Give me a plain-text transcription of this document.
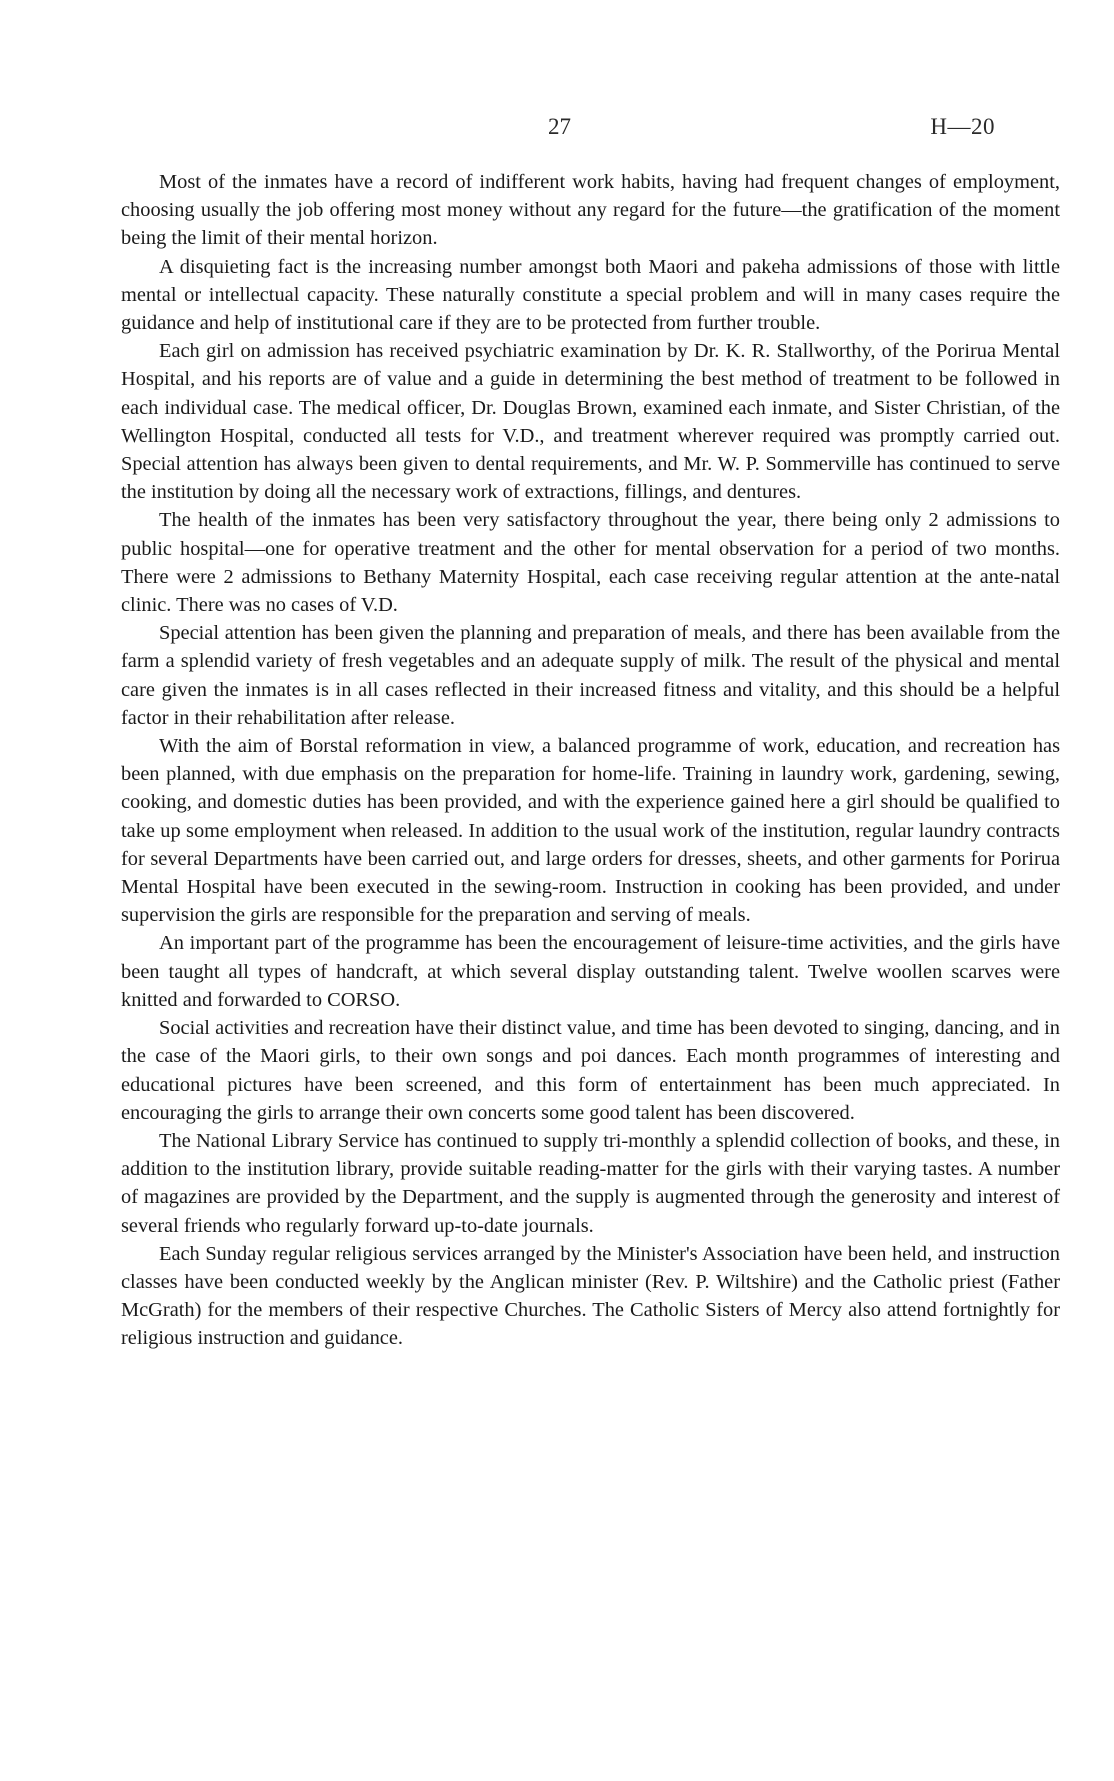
27	H—20

Most of the inmates have a record of indifferent work habits, having had frequent changes of employment, choosing usually the job offering most money without any regard for the future—the gratification of the moment being the limit of their mental horizon.

A disquieting fact is the increasing number amongst both Maori and pakeha admissions of those with little mental or intellectual capacity. These naturally constitute a special problem and will in many cases require the guidance and help of institutional care if they are to be protected from further trouble.

Each girl on admission has received psychiatric examination by Dr. K. R. Stallworthy, of the Porirua Mental Hospital, and his reports are of value and a guide in determining the best method of treatment to be followed in each individual case. The medical officer, Dr. Douglas Brown, examined each inmate, and Sister Christian, of the Wellington Hospital, conducted all tests for V.D., and treatment wherever required was promptly carried out. Special attention has always been given to dental requirements, and Mr. W. P. Sommerville has continued to serve the institution by doing all the necessary work of extractions, fillings, and dentures.

The health of the inmates has been very satisfactory throughout the year, there being only 2 admissions to public hospital—one for operative treatment and the other for mental observation for a period of two months. There were 2 admissions to Bethany Maternity Hospital, each case receiving regular attention at the ante-natal clinic. There was no cases of V.D.

Special attention has been given the planning and preparation of meals, and there has been available from the farm a splendid variety of fresh vegetables and an adequate supply of milk. The result of the physical and mental care given the inmates is in all cases reflected in their increased fitness and vitality, and this should be a helpful factor in their rehabilitation after release.

With the aim of Borstal reformation in view, a balanced programme of work, education, and recreation has been planned, with due emphasis on the preparation for home-life. Training in laundry work, gardening, sewing, cooking, and domestic duties has been provided, and with the experience gained here a girl should be qualified to take up some employment when released. In addition to the usual work of the institution, regular laundry contracts for several Departments have been carried out, and large orders for dresses, sheets, and other garments for Porirua Mental Hospital have been executed in the sewing-room. Instruction in cooking has been provided, and under supervision the girls are responsible for the preparation and serving of meals.

An important part of the programme has been the encouragement of leisure-time activities, and the girls have been taught all types of handcraft, at which several display outstanding talent. Twelve woollen scarves were knitted and forwarded to CORSO.

Social activities and recreation have their distinct value, and time has been devoted to singing, dancing, and in the case of the Maori girls, to their own songs and poi dances. Each month programmes of interesting and educational pictures have been screened, and this form of entertainment has been much appreciated. In encouraging the girls to arrange their own concerts some good talent has been discovered.

The National Library Service has continued to supply tri-monthly a splendid collection of books, and these, in addition to the institution library, provide suitable reading-matter for the girls with their varying tastes. A number of magazines are provided by the Department, and the supply is augmented through the generosity and interest of several friends who regularly forward up-to-date journals.

Each Sunday regular religious services arranged by the Minister's Association have been held, and instruction classes have been conducted weekly by the Anglican minister (Rev. P. Wiltshire) and the Catholic priest (Father McGrath) for the members of their respective Churches. The Catholic Sisters of Mercy also attend fortnightly for religious instruction and guidance.
